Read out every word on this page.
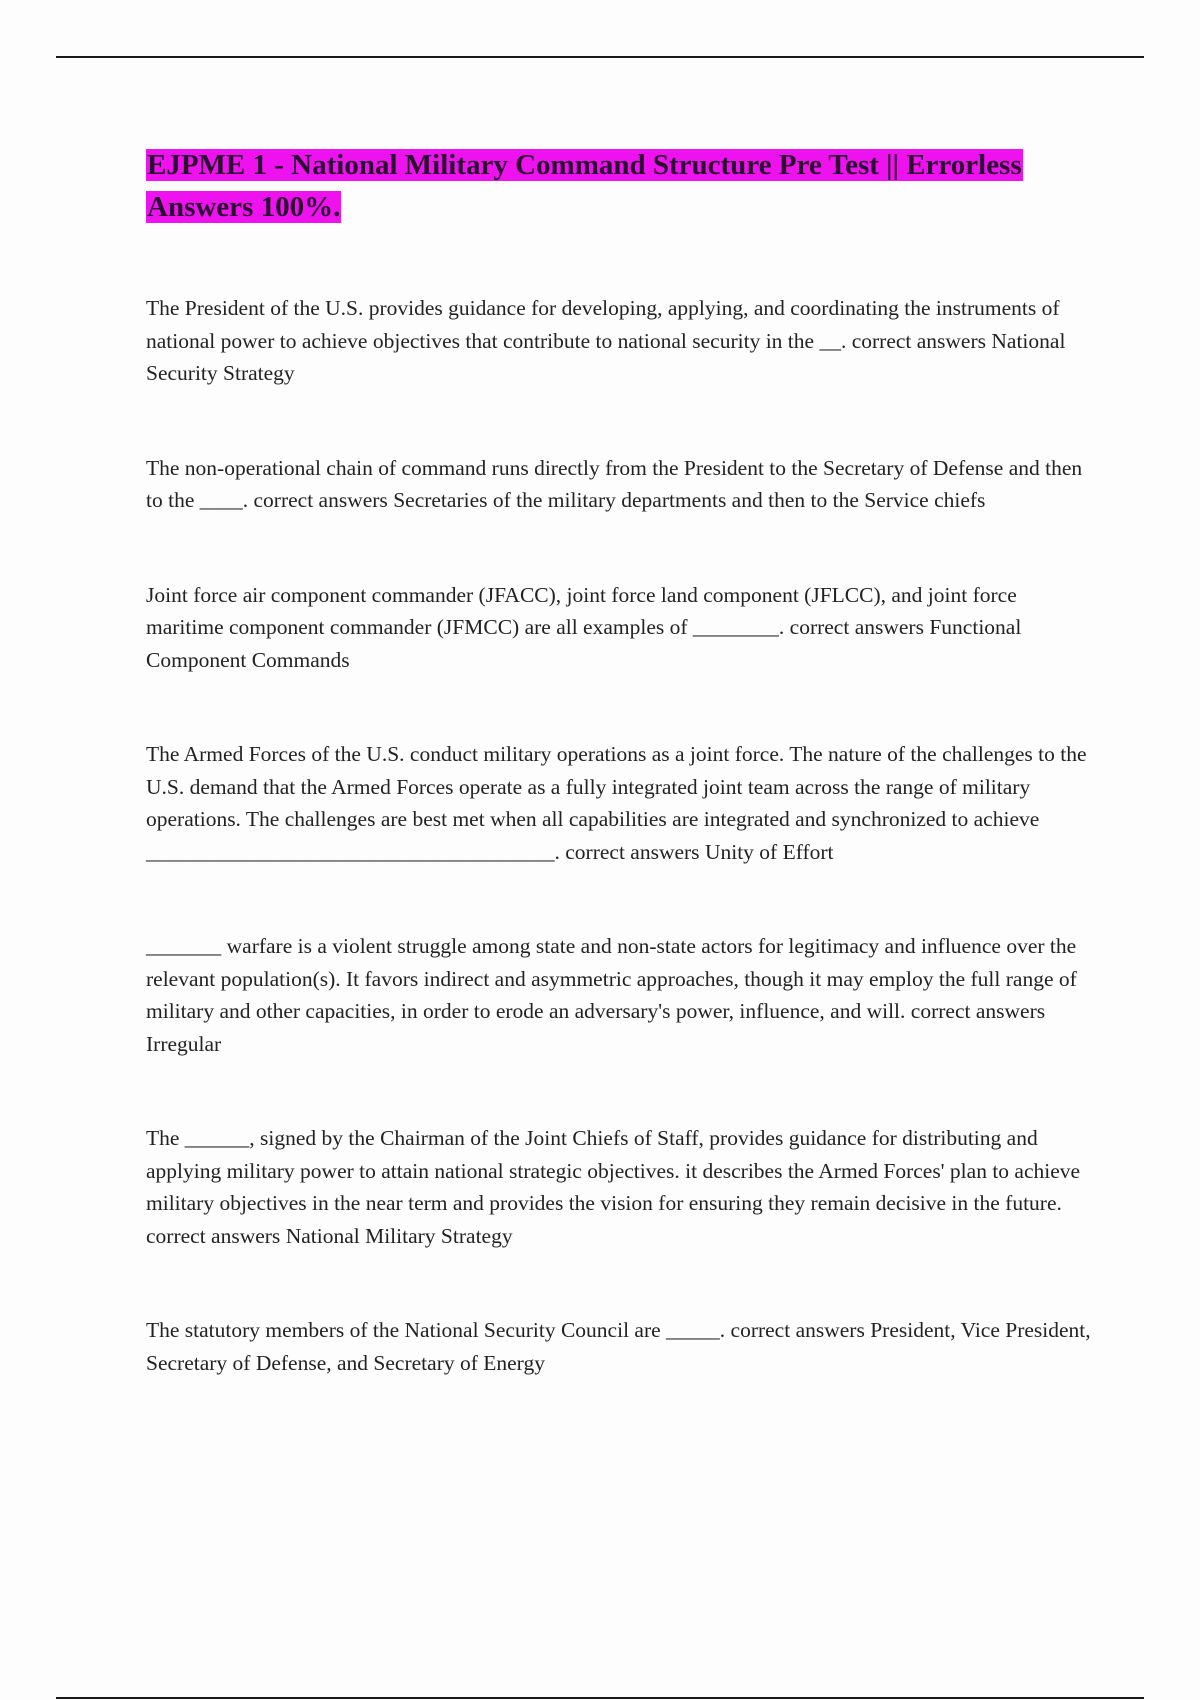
EJPME 1 - National Military Command Structure Pre Test || Errorless Answers 100%.

The President of the U.S. provides guidance for developing, applying, and coordinating the instruments of national power to achieve objectives that contribute to national security in the __. correct answers National Security Strategy

The non-operational chain of command runs directly from the President to the Secretary of Defense and then to the ____. correct answers Secretaries of the military departments and then to the Service chiefs

Joint force air component commander (JFACC), joint force land component (JFLCC), and joint force maritime component commander (JFMCC) are all examples of ________. correct answers Functional Component Commands

The Armed Forces of the U.S. conduct military operations as a joint force. The nature of the challenges to the U.S. demand that the Armed Forces operate as a fully integrated joint team across the range of military operations. The challenges are best met when all capabilities are integrated and synchronized to achieve ______________________________________. correct answers Unity of Effort

_______ warfare is a violent struggle among state and non-state actors for legitimacy and influence over the relevant population(s). It favors indirect and asymmetric approaches, though it may employ the full range of military and other capacities, in order to erode an adversary's power, influence, and will. correct answers Irregular

The ______, signed by the Chairman of the Joint Chiefs of Staff, provides guidance for distributing and applying military power to attain national strategic objectives. it describes the Armed Forces' plan to achieve military objectives in the near term and provides the vision for ensuring they remain decisive in the future. correct answers National Military Strategy

The statutory members of the National Security Council are _____. correct answers President, Vice President, Secretary of Defense, and Secretary of Energy
